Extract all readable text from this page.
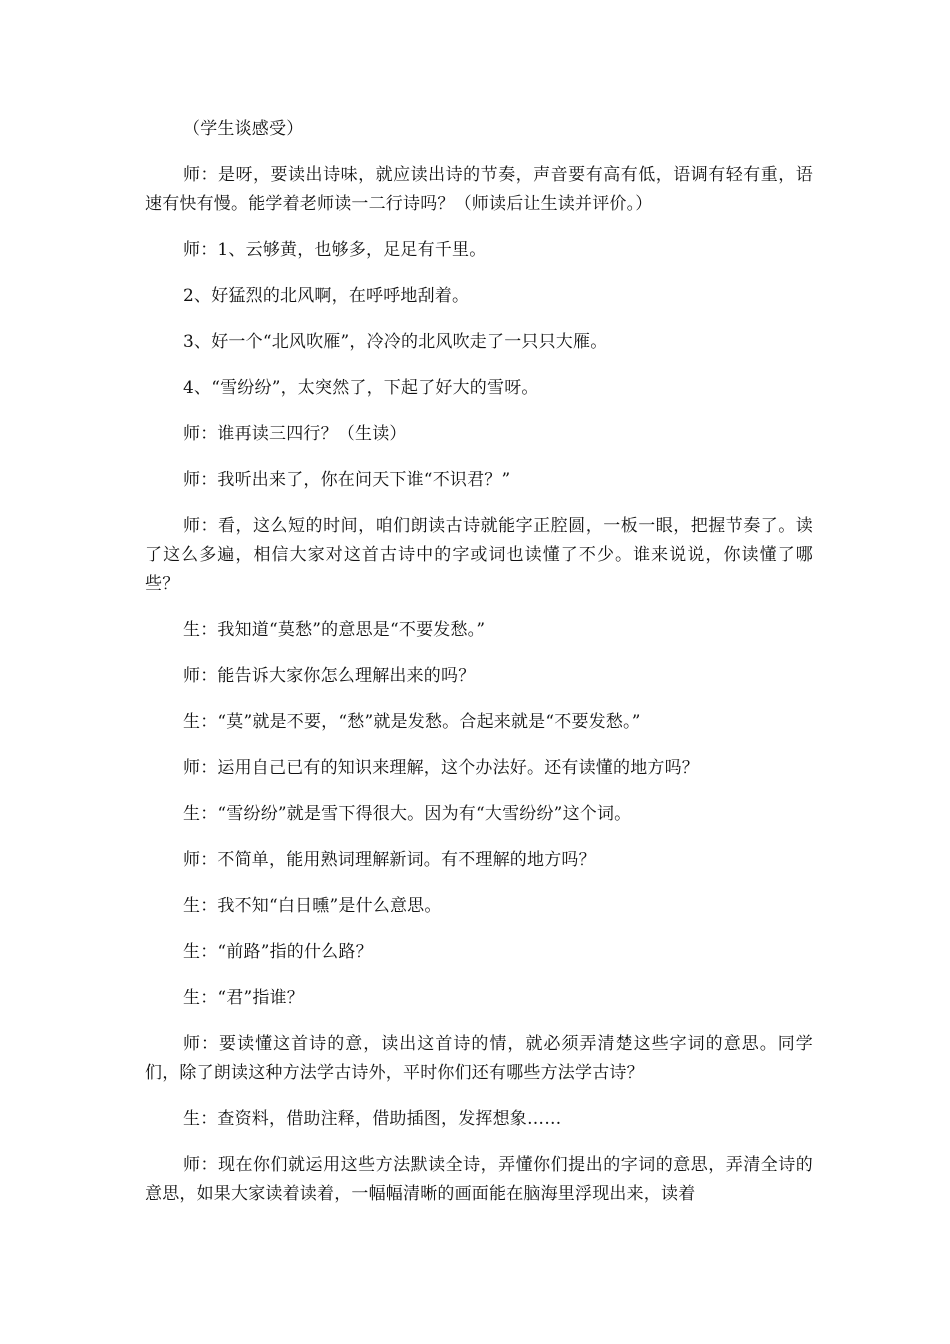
（学生谈感受）

师：是呀，要读出诗味，就应读出诗的节奏，声音要有高有低，语调有轻有重，语速有快有慢。能学着老师读一二行诗吗？（师读后让生读并评价。）

师：1、云够黄，也够多，足足有千里。

2、好猛烈的北风啊，在呼呼地刮着。

3、好一个“北风吹雁”，冷冷的北风吹走了一只只大雁。

4、“雪纷纷”，太突然了，下起了好大的雪呀。

师：谁再读三四行？（生读）

师：我听出来了，你在问天下谁“不识君？”

师：看，这么短的时间，咱们朗读古诗就能字正腔圆，一板一眼，把握节奏了。读了这么多遍，相信大家对这首古诗中的字或词也读懂了不少。谁来说说，你读懂了哪些？

生：我知道“莫愁”的意思是“不要发愁。”

师：能告诉大家你怎么理解出来的吗？

生：“莫”就是不要，“愁”就是发愁。合起来就是“不要发愁。”

师：运用自己已有的知识来理解，这个办法好。还有读懂的地方吗？

生：“雪纷纷”就是雪下得很大。因为有“大雪纷纷”这个词。

师：不简单，能用熟词理解新词。有不理解的地方吗？

生：我不知“白日曛”是什么意思。

生：“前路”指的什么路？

生：“君”指谁？

师：要读懂这首诗的意，读出这首诗的情，就必须弄清楚这些字词的意思。同学们，除了朗读这种方法学古诗外，平时你们还有哪些方法学古诗？

生：查资料，借助注释，借助插图，发挥想象……

师：现在你们就运用这些方法默读全诗，弄懂你们提出的字词的意思，弄清全诗的意思，如果大家读着读着，一幅幅清晰的画面能在脑海里浮现出来，读着
